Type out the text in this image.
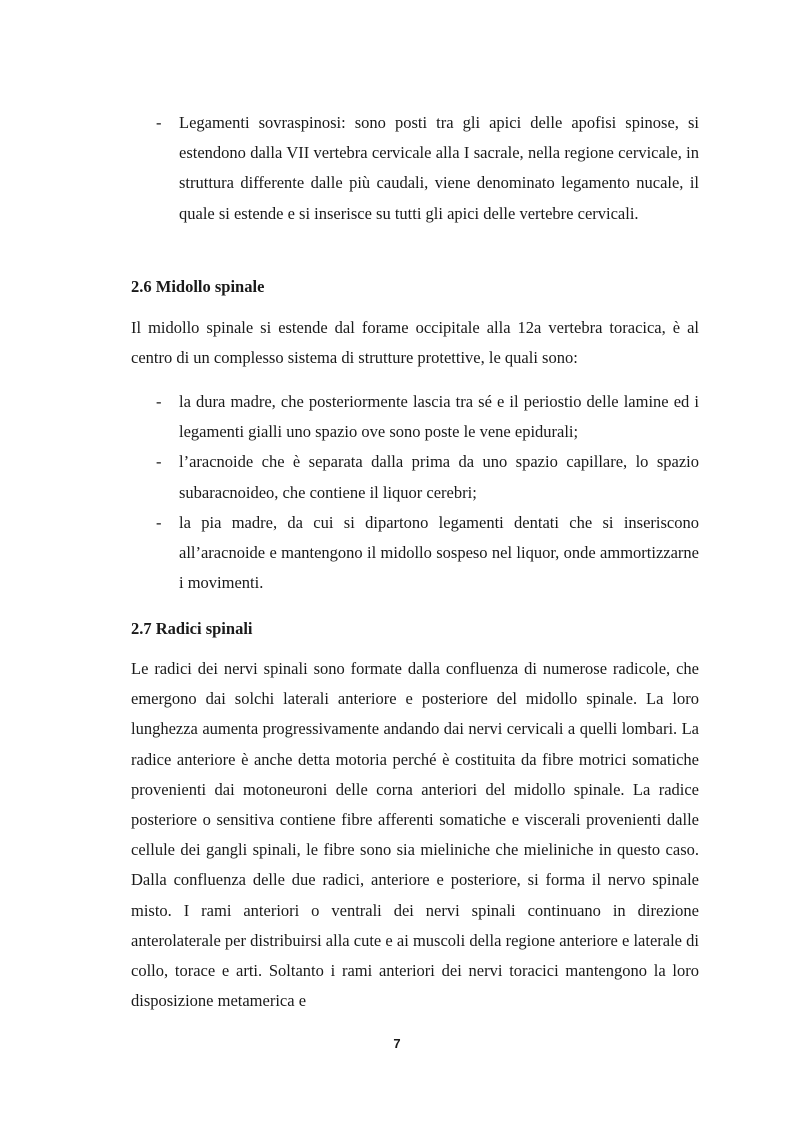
- Legamenti sovraspinosi: sono posti tra gli apici delle apofisi spinose, si estendono dalla VII vertebra cervicale alla I sacrale, nella regione cervicale, in struttura differente dalle più caudali, viene denominato legamento nucale, il quale si estende e si inserisce su tutti gli apici delle vertebre cervicali.
2.6 Midollo spinale
Il midollo spinale si estende dal forame occipitale alla 12a vertebra toracica, è al centro di un complesso sistema di strutture protettive, le quali sono:
- la dura madre, che posteriormente lascia tra sé e il periostio delle lamine ed i legamenti gialli uno spazio ove sono poste le vene epidurali;
- l’aracnoide che è separata dalla prima da uno spazio capillare, lo spazio subaracnoideo, che contiene il liquor cerebri;
- la pia madre, da cui si dipartono legamenti dentati che si inseriscono all’aracnoide e mantengono il midollo sospeso nel liquor, onde ammortizzarne i movimenti.
2.7 Radici spinali
Le radici dei nervi spinali sono formate dalla confluenza di numerose radicole, che emergono dai solchi laterali anteriore e posteriore del midollo spinale. La loro lunghezza aumenta progressivamente andando dai nervi cervicali a quelli lombari. La radice anteriore è anche detta motoria perché è costituita da fibre motrici somatiche provenienti dai motoneuroni delle corna anteriori del midollo spinale. La radice posteriore o sensitiva contiene fibre afferenti somatiche e viscerali provenienti dalle cellule dei gangli spinali, le fibre sono sia mieliniche che mieliniche in questo caso. Dalla confluenza delle due radici, anteriore e posteriore, si forma il nervo spinale misto. I rami anteriori o ventrali dei nervi spinali continuano in direzione anterolaterale per distribuirsi alla cute e ai muscoli della regione anteriore e laterale di collo, torace e arti. Soltanto i rami anteriori dei nervi toracici mantengono la loro disposizione metamerica e
7
